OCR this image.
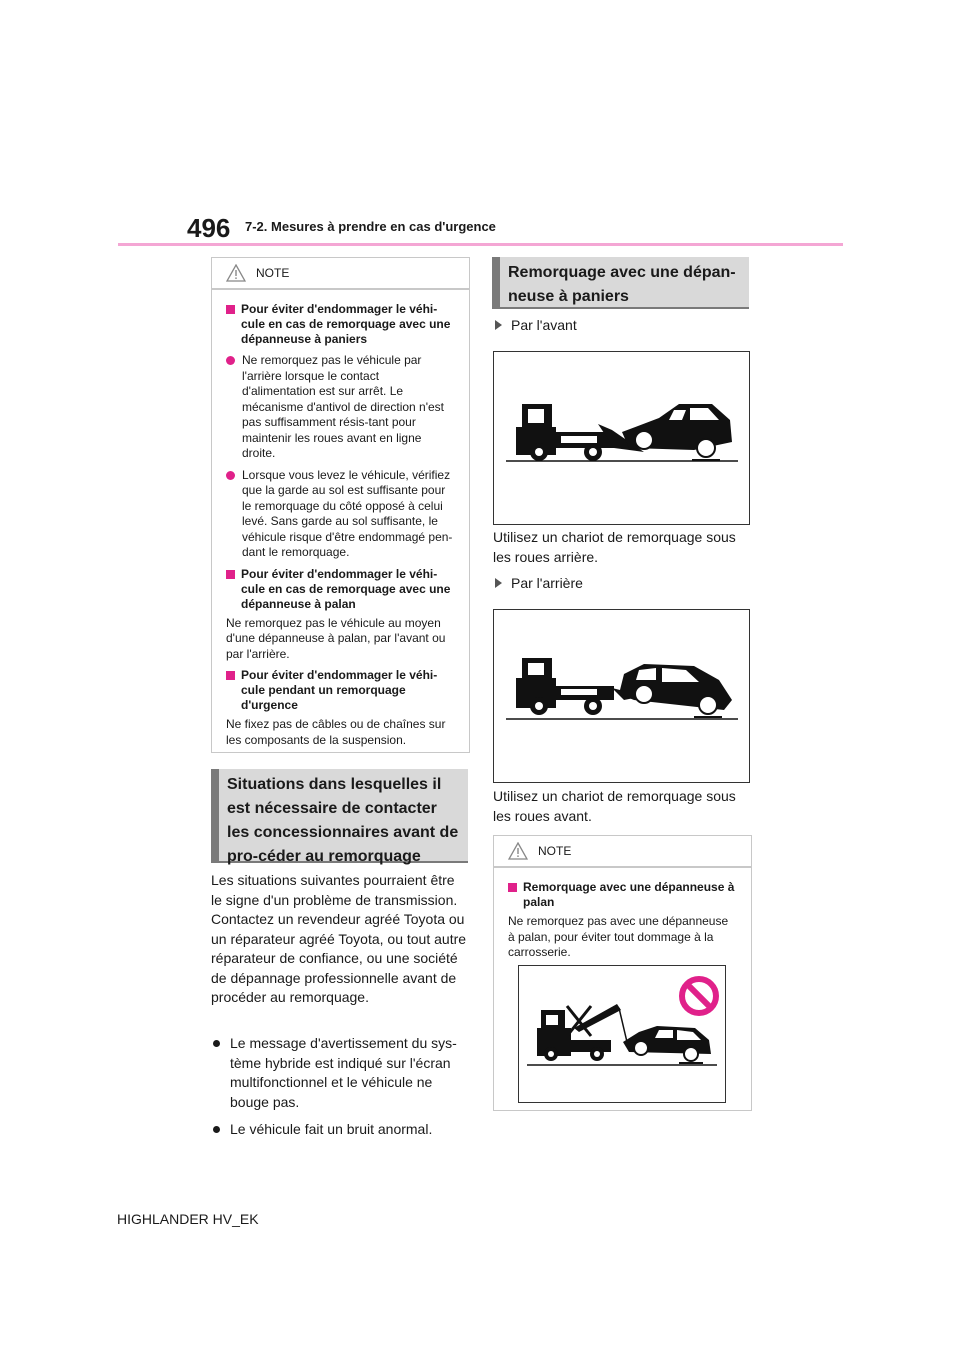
496 7-2. Mesures à prendre en cas d'urgence
NOTE
Pour éviter d'endommager le véhi-cule en cas de remorquage avec une dépanneuse à paniers
Ne remorquez pas le véhicule par l'arrière lorsque le contact d'alimentation est sur arrêt. Le mécanisme d'antivol de direction n'est pas suffisamment résis-tant pour maintenir les roues avant en ligne droite.
Lorsque vous levez le véhicule, vérifiez que la garde au sol est suffisante pour le remorquage du côté opposé à celui levé. Sans garde au sol suffisante, le véhicule risque d'être endommagé pen-dant le remorquage.
Pour éviter d'endommager le véhi-cule en cas de remorquage avec une dépanneuse à palan
Ne remorquez pas le véhicule au moyen d'une dépanneuse à palan, par l'avant ou par l'arrière.
Pour éviter d'endommager le véhi-cule pendant un remorquage d'urgence
Ne fixez pas de câbles ou de chaînes sur les composants de la suspension.
Situations dans lesquelles il est nécessaire de contacter les concessionnaires avant de pro-céder au remorquage
Les situations suivantes pourraient être le signe d'un problème de transmission. Contactez un revendeur agréé Toyota ou un réparateur agréé Toyota, ou tout autre réparateur de confiance, ou une société de dépannage professionnelle avant de procéder au remorquage.
Le message d'avertissement du sys-tème hybride est indiqué sur l'écran multifonctionnel et le véhicule ne bouge pas.
Le véhicule fait un bruit anormal.
Remorquage avec une dépan-neuse à paniers
Par l'avant
Utilisez un chariot de remorquage sous les roues arrière.
Par l'arrière
Utilisez un chariot de remorquage sous les roues avant.
NOTE
Remorquage avec une dépanneuse à palan
Ne remorquez pas avec une dépanneuse à palan, pour éviter tout dommage à la carrosserie.
HIGHLANDER HV_EK
